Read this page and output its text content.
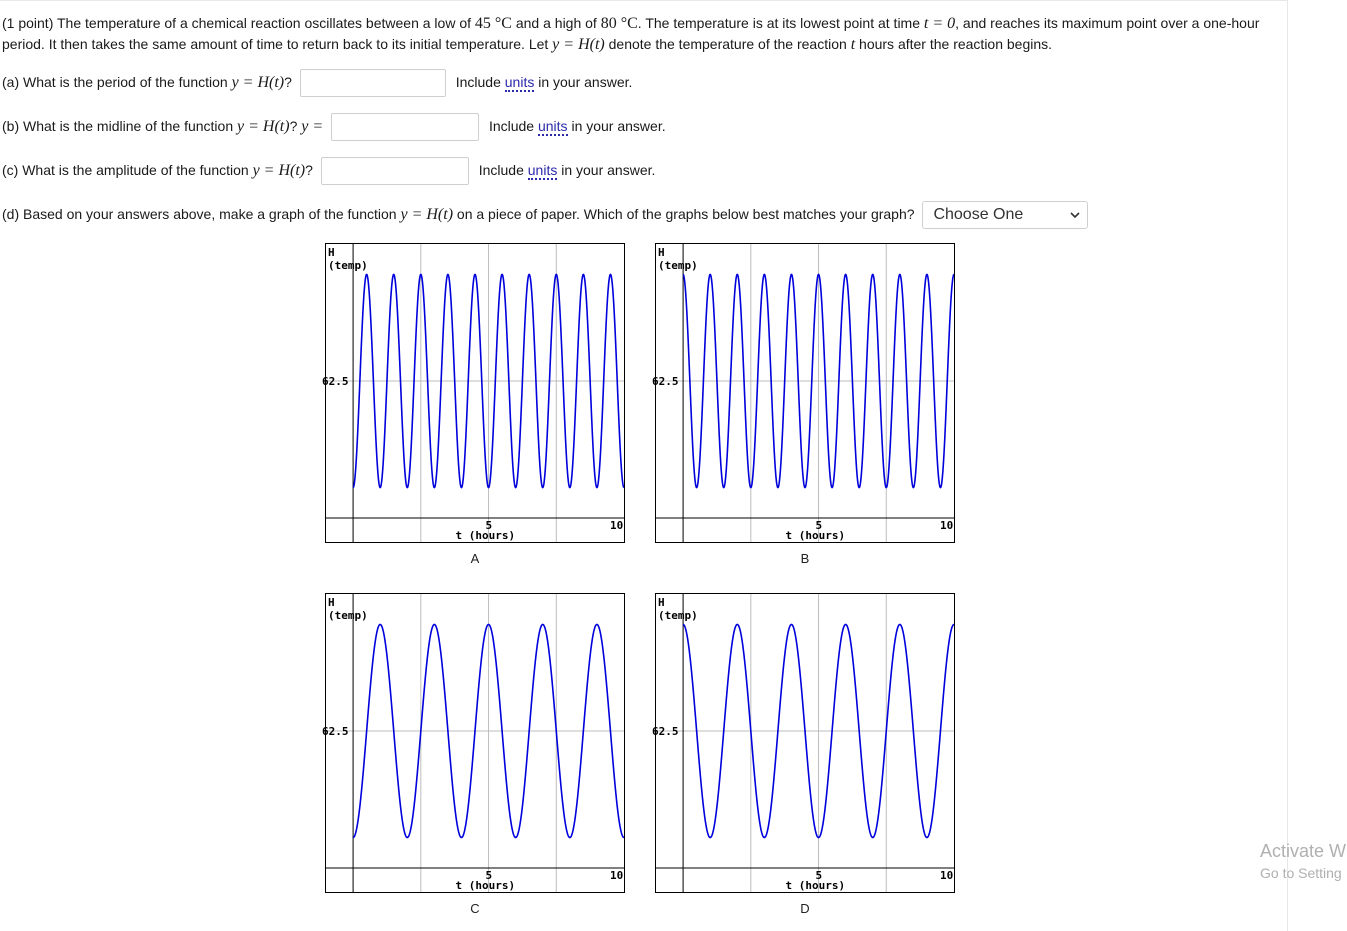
(1 point) The temperature of a chemical reaction oscillates between a low of 45 °C and a high of 80 °C. The temperature is at its lowest point at time t = 0, and reaches its maximum point over a one-hour period. It then takes the same amount of time to return back to its initial temperature. Let y = H(t) denote the temperature of the reaction t hours after the reaction begins.
(a) What is the period of the function y = H(t)?	Include units in your answer.
(b) What is the midline of the function y = H(t)? y =	Include units in your answer.
(c) What is the amplitude of the function y = H(t)?	Include units in your answer.
(d) Based on your answers above, make a graph of the function y = H(t) on a piece of paper. Which of the graphs below best matches your graph? Choose One
H
(temp)
62.5
5	10
t (hours)
A
H
(temp)
62.5
5	10
t (hours)
B
H
(temp)
62.5
5	10
t (hours)
C
H
(temp)
62.5
5	10
t (hours)
D
Activate W
Go to Setting
